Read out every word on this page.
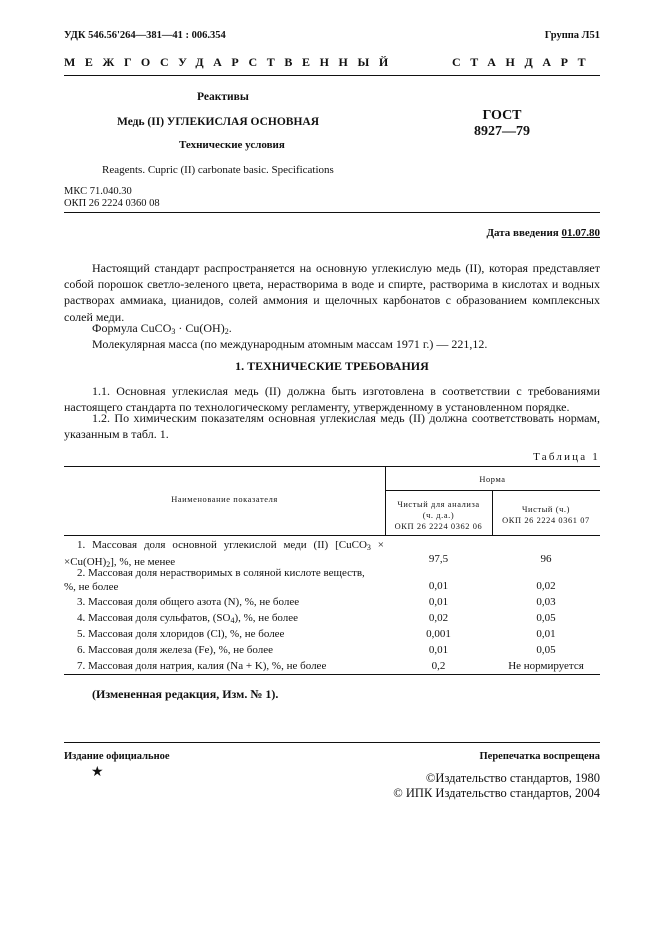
УДК 546.56'264—381—41 : 006.354	Группа Л51
МЕЖГОСУДАРСТВЕННЫЙ	СТАНДАРТ
Реактивы
Медь (II) УГЛЕКИСЛАЯ ОСНОВНАЯ
Технические условия
Reagents. Cupric (II) carbonate basic. Specifications
ГОСТ
8927—79
МКС 71.040.30
ОКП 26 2224 0360 08
Дата введения 01.07.80
Настоящий стандарт распространяется на основную углекислую медь (II), которая представляет собой порошок светло-зеленого цвета, нерастворима в воде и спирте, растворима в кислотах и водных растворах аммиака, цианидов, солей аммония и щелочных карбонатов с образованием комплексных солей меди.
Формула CuCO$_3$ · $Cu(OH)_2$.
Молекулярная масса (по международным атомным массам 1971 г.) — 221,12.
1. ТЕХНИЧЕСКИЕ ТРЕБОВАНИЯ
1.1. Основная углекислая медь (II) должна быть изготовлена в соответствии с требованиями настоящего стандарта по технологическому регламенту, утвержденному в установленном порядке.
1.2. По химическим показателям основная углекислая медь (II) должна соответствовать нормам, указанным в табл. 1.
Таблица 1
Наименование показателя
Норма
Чистый для анализа
(ч. д.а.)
ОКП 26 2224 0362 06
Чистый (ч.)
ОКП 26 2224 0361 07
1. Массовая доля основной углекислой меди (II) [CuCO$_3$ ×
$\times Cu(OH)_2$], %, не менее	97,5	96
2. Массовая доля нерастворимых в соляной кислоте веществ,
%, не более	0,01	0,02
3. Массовая доля общего азота (N), %, не более	0,01	0,03
4. Массовая доля сульфатов, $(SO_4)$, %, не более	0,02	0,05
5. Массовая доля хлоридов (Cl), %, не более	0,001	0,01
6. Массовая доля железа (Fe), %, не более	0,01	0,05
7. Массовая доля натрия, калия (Na + K), %, не более	0,2	Не нормируется
(Измененная редакция, Изм. № 1).
Издание официальное
★
Перепечатка воспрещена
©Издательство стандартов, 1980
© ИПК Издательство стандартов, 2004
